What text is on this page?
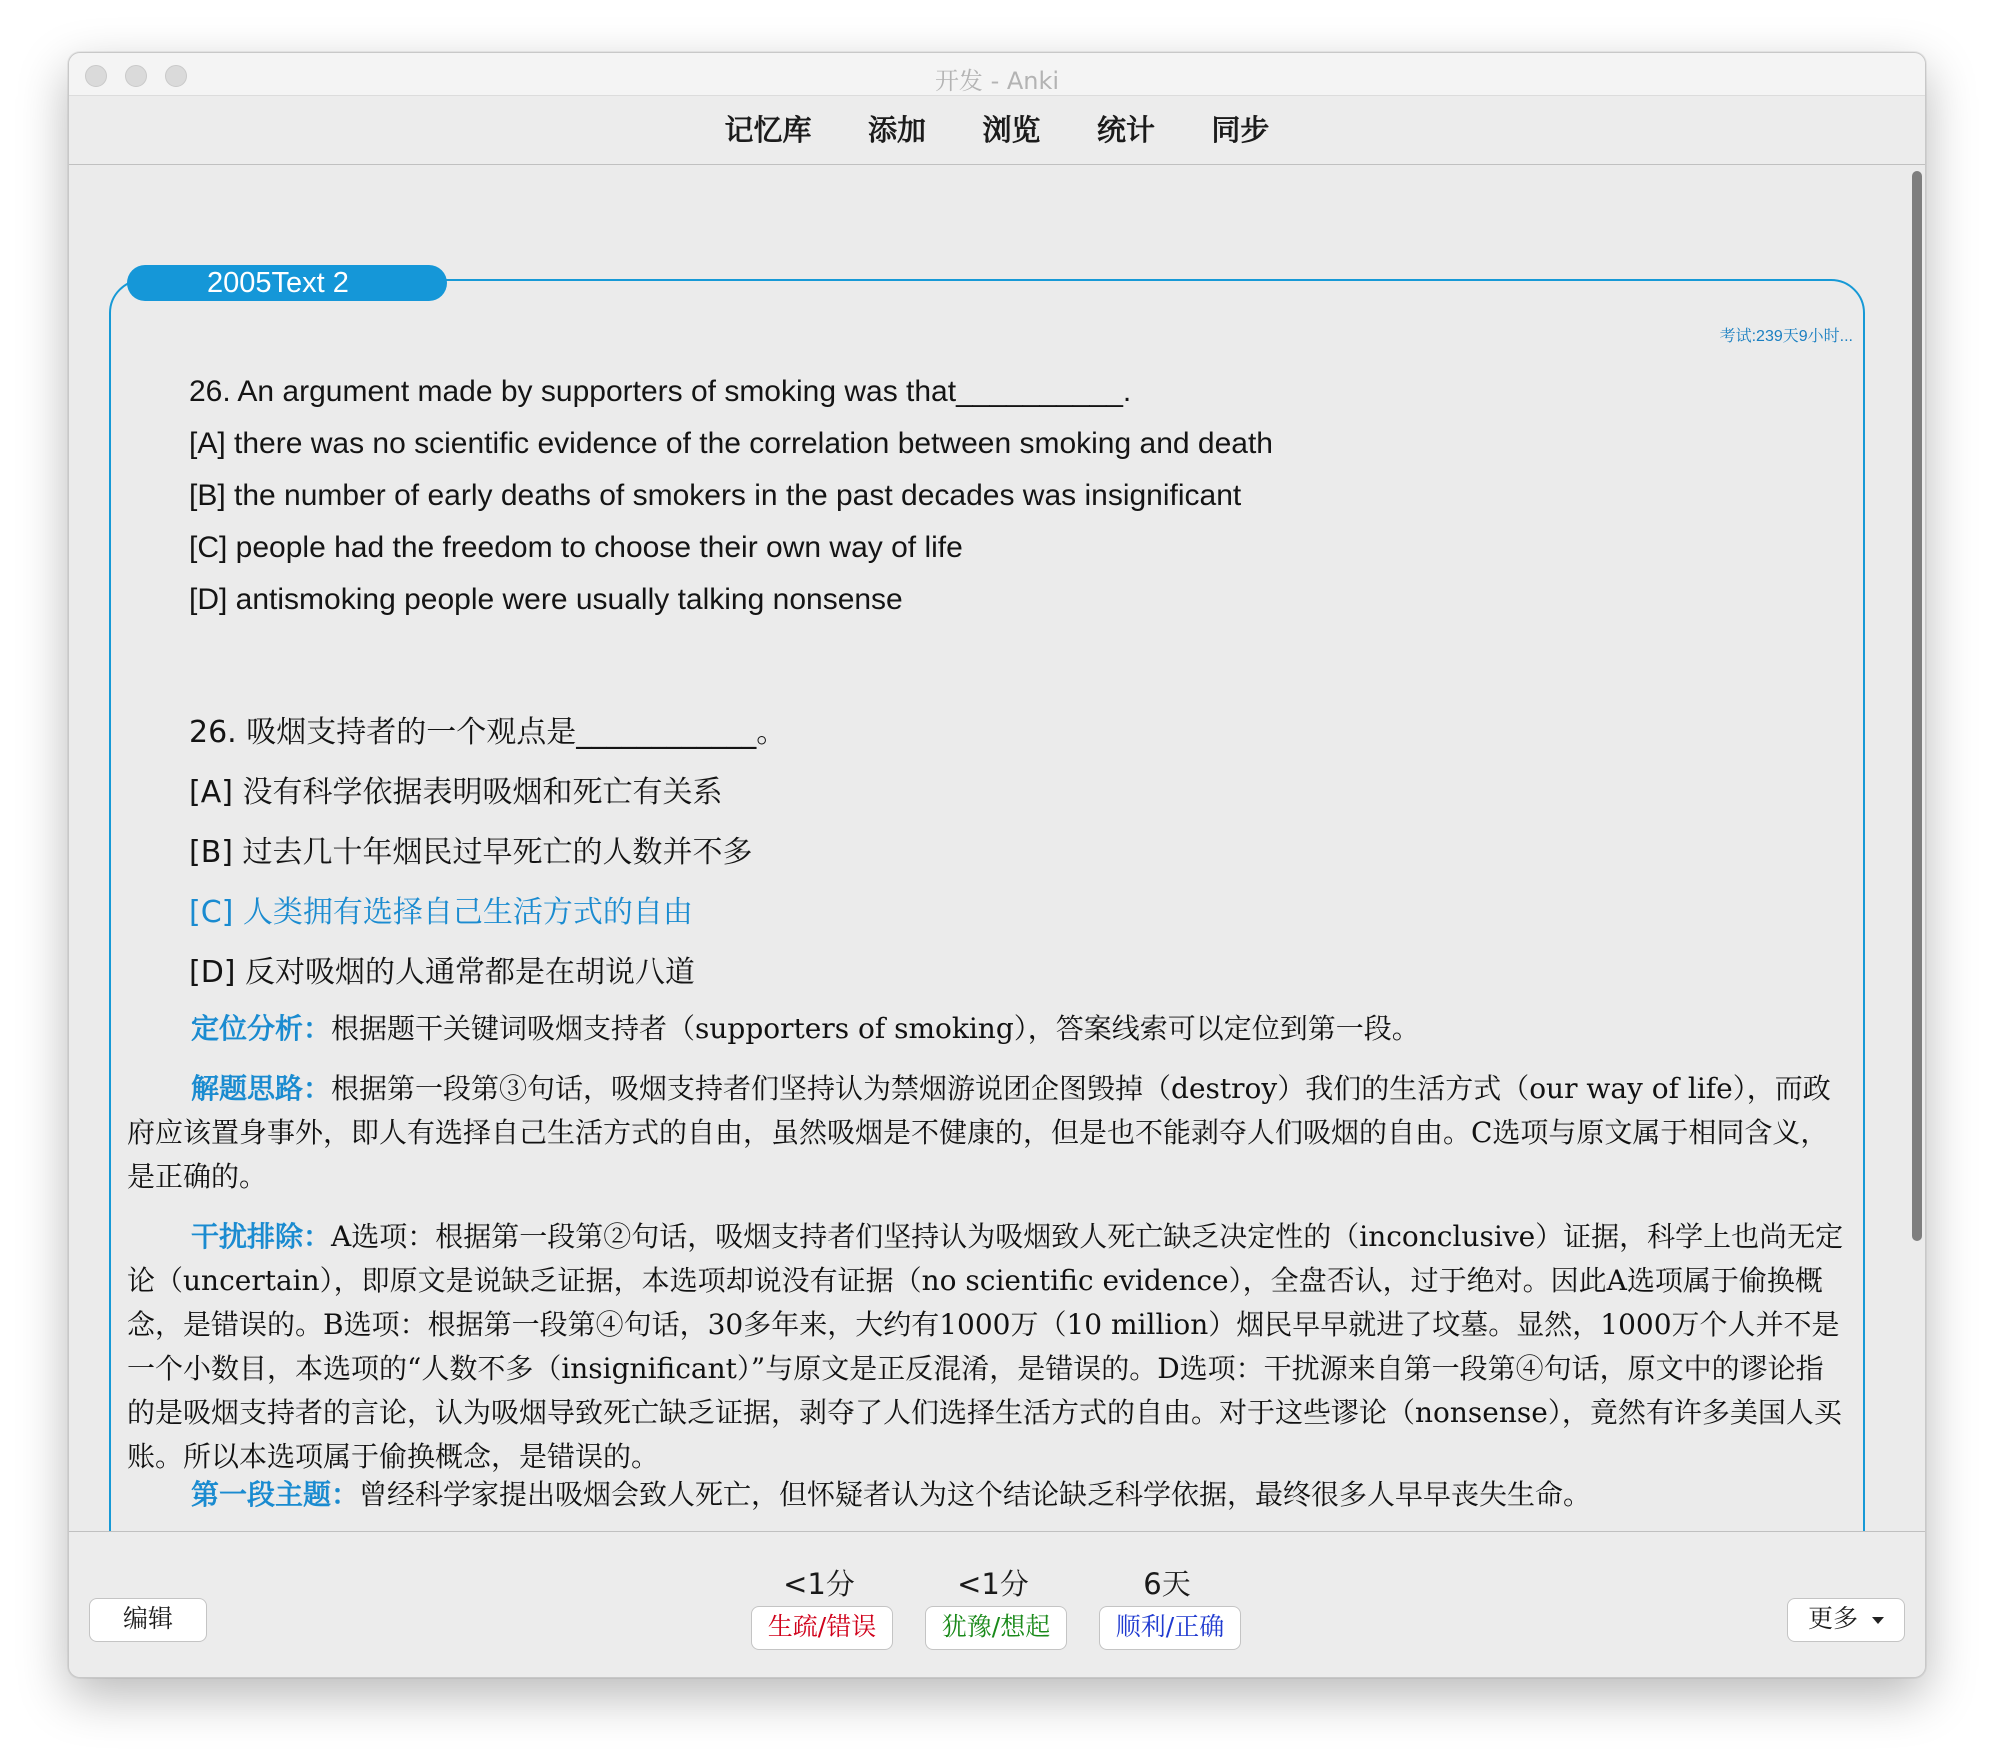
开发 - Anki
记忆库 添加 浏览 统计 同步
2005Text 2
考试:239天9小时...
26. An argument made by supporters of smoking was that__________.
[A] there was no scientific evidence of the correlation between smoking and death
[B] the number of early deaths of smokers in the past decades was insignificant
[C] people had the freedom to choose their own way of life
[D] antismoking people were usually talking nonsense
26. 吸烟支持者的一个观点是____________。
[A] 没有科学依据表明吸烟和死亡有关系
[B] 过去几十年烟民过早死亡的人数并不多
[C] 人类拥有选择自己生活方式的自由
[D] 反对吸烟的人通常都是在胡说八道
定位分析：根据题干关键词吸烟支持者（supporters of smoking），答案线索可以定位到第一段。
解题思路：根据第一段第③句话，吸烟支持者们坚持认为禁烟游说团企图毁掉（destroy）我们的生活方式（our way of life），而政府应该置身事外，即人有选择自己生活方式的自由，虽然吸烟是不健康的，但是也不能剥夺人们吸烟的自由。C选项与原文属于相同含义，是正确的。
干扰排除：A选项：根据第一段第②句话，吸烟支持者们坚持认为吸烟致人死亡缺乏决定性的（inconclusive）证据，科学上也尚无定论（uncertain），即原文是说缺乏证据，本选项却说没有证据（no scientific evidence），全盘否认，过于绝对。因此A选项属于偷换概念，是错误的。B选项：根据第一段第④句话，30多年来，大约有1000万（10 million）烟民早早就进了坟墓。显然，1000万个人并不是一个小数目，本选项的“人数不多（insignificant）”与原文是正反混淆，是错误的。D选项：干扰源来自第一段第④句话，原文中的谬论指的是吸烟支持者的言论，认为吸烟导致死亡缺乏证据，剥夺了人们选择生活方式的自由。对于这些谬论（nonsense），竟然有许多美国人买账。所以本选项属于偷换概念，是错误的。
第一段主题：曾经科学家提出吸烟会致人死亡，但怀疑者认为这个结论缺乏科学依据，最终很多人早早丧失生命。
编辑
<1分	<1分	6天
生疏/错误	犹豫/想起	顺利/正确	更多
